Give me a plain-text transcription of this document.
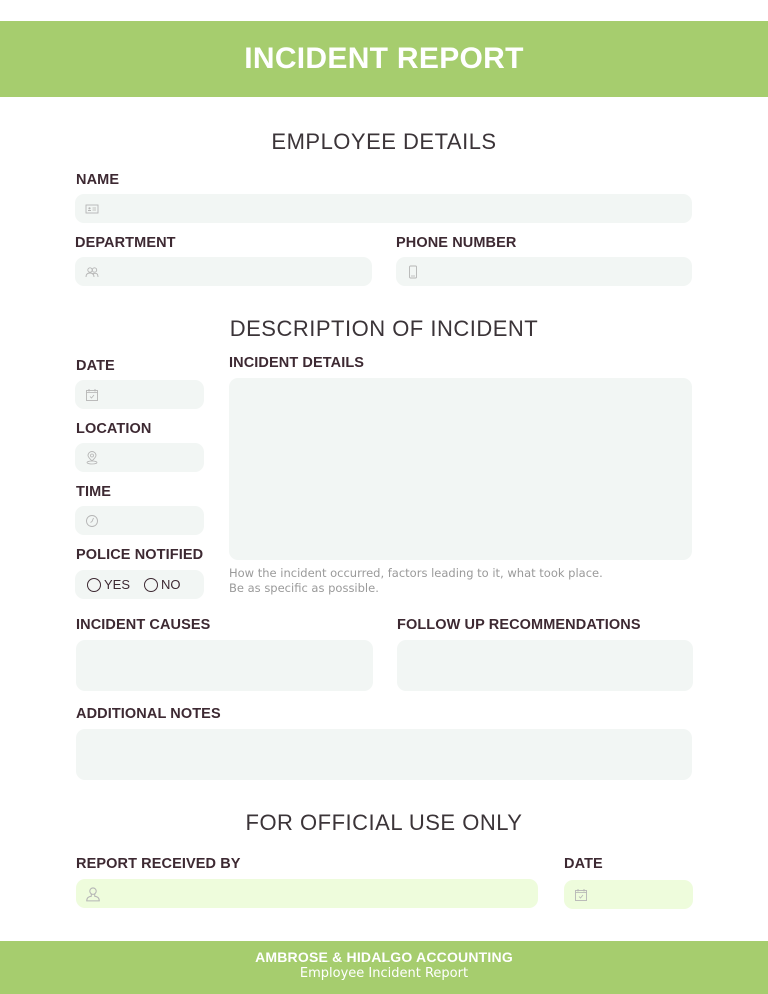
INCIDENT REPORT
EMPLOYEE DETAILS
NAME
DEPARTMENT	PHONE NUMBER
DESCRIPTION OF INCIDENT
DATE
LOCATION
TIME
POLICE NOTIFIED
YES NO
INCIDENT DETAILS
How the incident occurred, factors leading to it, what took place.
Be as specific as possible.
INCIDENT CAUSES	FOLLOW UP RECOMMENDATIONS
ADDITIONAL NOTES
FOR OFFICIAL USE ONLY
REPORT RECEIVED BY	DATE
AMBROSE & HIDALGO ACCOUNTING
Employee Incident Report
